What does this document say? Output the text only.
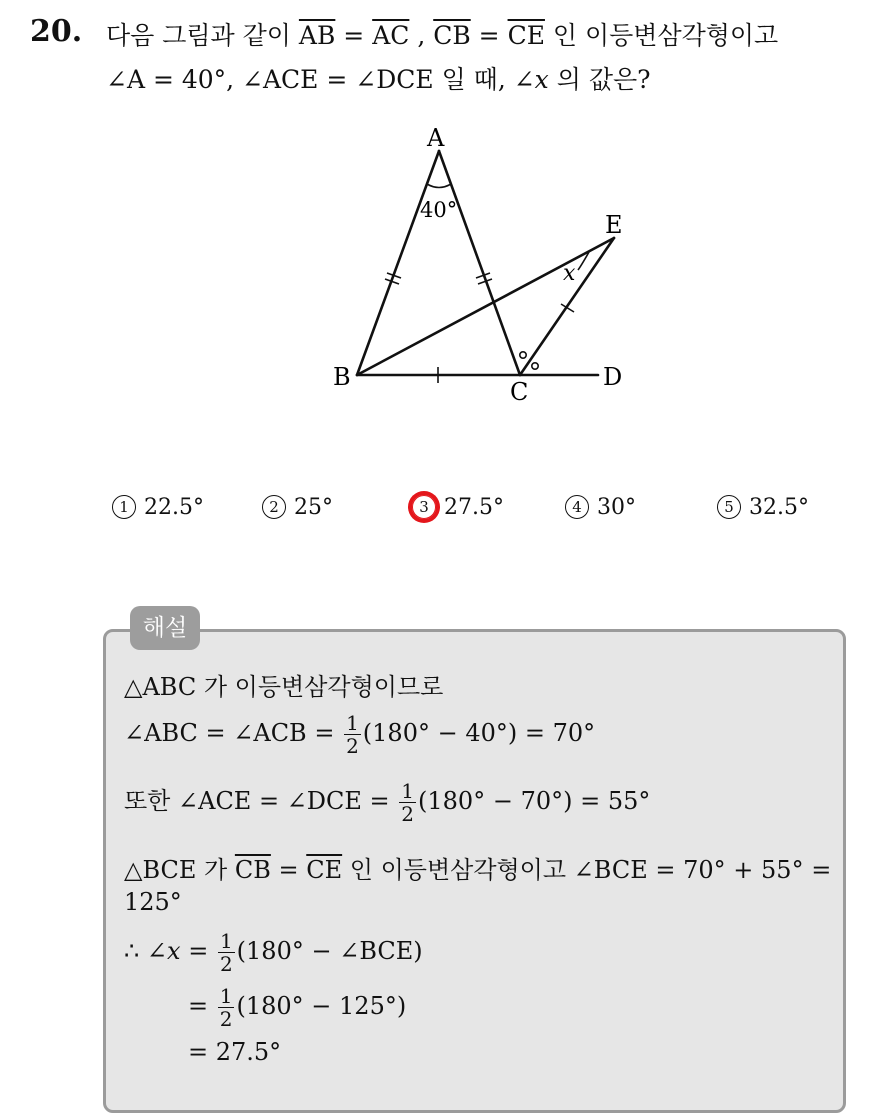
20. 다음 그림과 같이 $\overline{AB} = \overline{AC}$ , $\overline{CB} = \overline{CE}$ 인 이등변삼각형이고
∠A = 40°, ∠ACE = ∠DCE 일 때, ∠x 의 값은?
A
B
C
D
E
40°
x
1 22.5°	2 25°	3 27.5°	4 30°	5 32.5°
해설
△ABC 가 이등변삼각형이므로
∠ABC = ∠ACB = $\frac{1}{2} (180^\circ - 40^\circ) = 70^\circ$
또한 ∠ACE = ∠DCE = $\frac{1}{2} (180^\circ - 70^\circ) = 55^\circ$
△BCE 가 $\overline{CB} = \overline{CE}$ 인 이등변삼각형이고 ∠BCE = 70° + 55° =
125°
∴ ∠x = $\frac{1}{2} (180^\circ$ − ∠BCE)
= $\frac{1}{2} (180^\circ - 125^\circ)$
= 27.5°
